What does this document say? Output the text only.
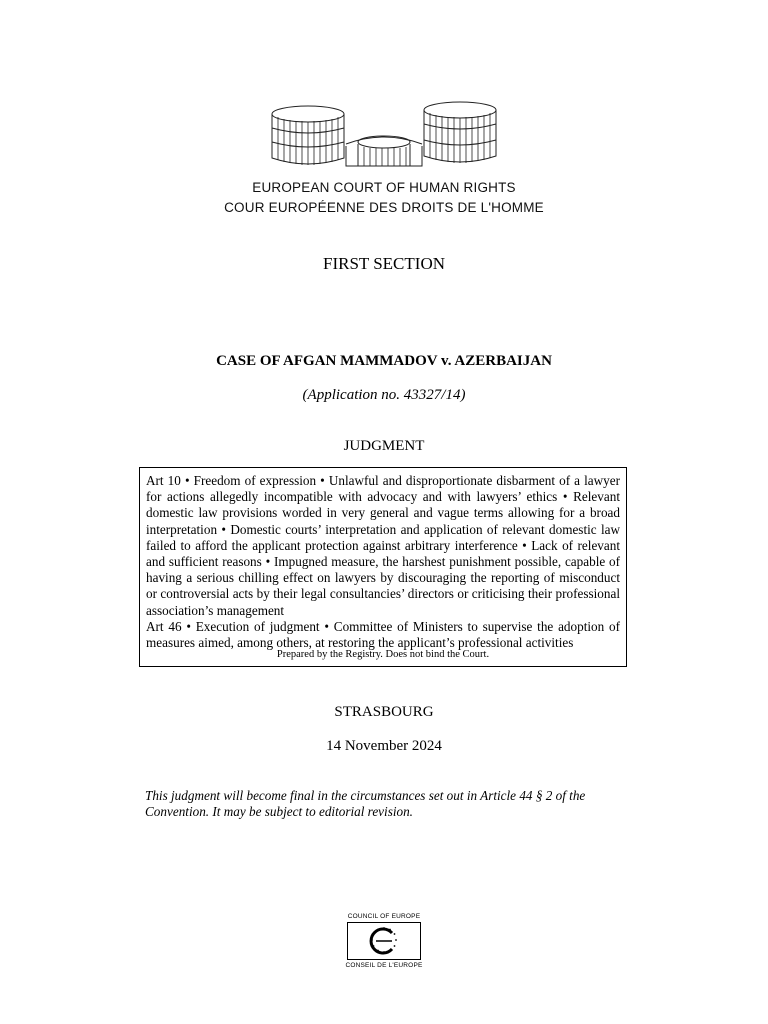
EUROPEAN COURT OF HUMAN RIGHTS
COUR EUROPÉENNE DES DROITS DE L'HOMME
FIRST SECTION
CASE OF AFGAN MAMMADOV v. AZERBAIJAN
(Application no. 43327/14)
JUDGMENT
Art 10 • Freedom of expression • Unlawful and disproportionate disbarment of a lawyer for actions allegedly incompatible with advocacy and with lawyers’ ethics • Relevant domestic law provisions worded in very general and vague terms allowing for a broad interpretation • Domestic courts’ interpretation and application of relevant domestic law failed to afford the applicant protection against arbitrary interference • Lack of relevant and sufficient reasons • Impugned measure, the harshest punishment possible, capable of having a serious chilling effect on lawyers by discouraging the reporting of misconduct or controversial acts by their legal consultancies’ directors or criticising their professional association’s management
Art 46 • Execution of judgment • Committee of Ministers to supervise the adoption of measures aimed, among others, at restoring the applicant’s professional activities
Prepared by the Registry. Does not bind the Court.
STRASBOURG
14 November 2024
This judgment will become final in the circumstances set out in Article 44 § 2 of the Convention. It may be subject to editorial revision.
COUNCIL OF EUROPE
CONSEIL DE L'EUROPE
